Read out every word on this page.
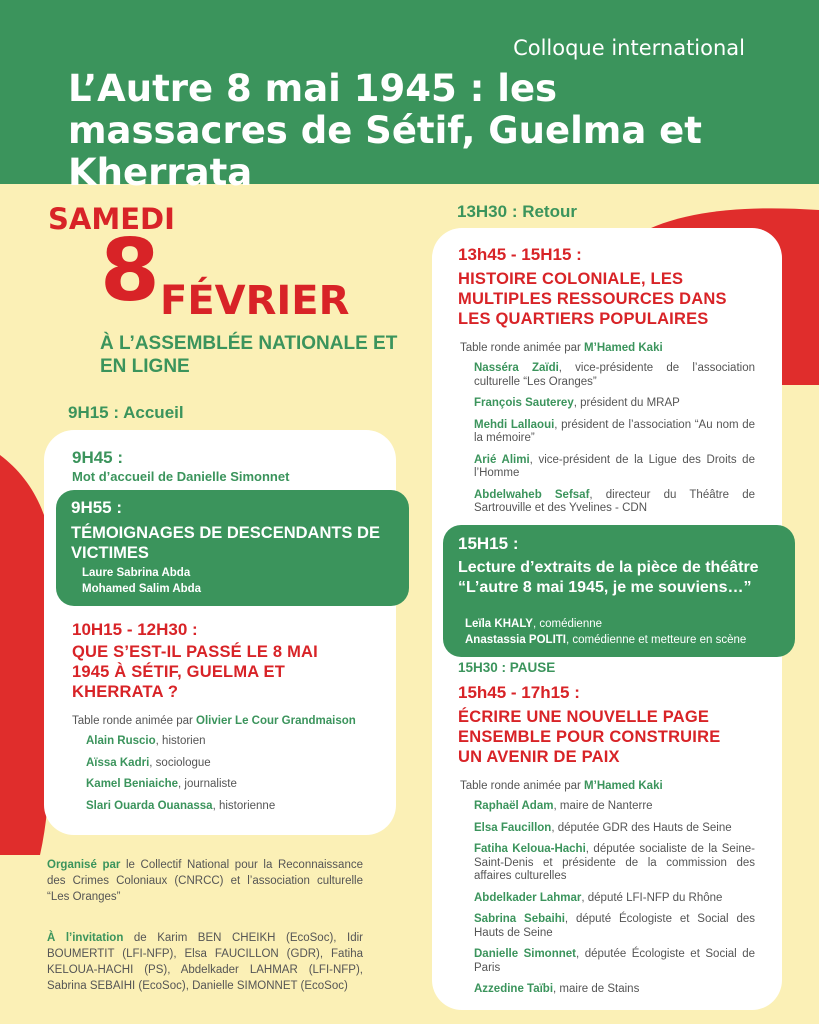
Colloque international
L’Autre 8 mai 1945 : les massacres de Sétif, Guelma et Kherrata
SAMEDI
8 FÉVRIER
À L’ASSEMBLÉE NATIONALE ET EN LIGNE
9H15 : Accueil
13H30 : Retour
9H45 :
Mot d’accueil de Danielle Simonnet
9H55 :
TÉMOIGNAGES DE DESCENDANTS DE VICTIMES
Laure Sabrina Abda
Mohamed Salim Abda
10H15 - 12H30 :
QUE S’EST-IL PASSÉ LE 8 MAI 1945 À SÉTIF, GUELMA ET KHERRATA ?
Table ronde animée par Olivier Le Cour Grandmaison
Alain Ruscio, historien
Aïssa Kadri, sociologue
Kamel Beniaiche, journaliste
Slari Ouarda Ouanassa, historienne
13h45 - 15H15 :
HISTOIRE COLONIALE, LES MULTIPLES RESSOURCES DANS LES QUARTIERS POPULAIRES
Table ronde animée par M’Hamed Kaki
Nasséra Zaïdi, vice-présidente de l’association culturelle “Les Oranges”
François Sauterey, président du MRAP
Mehdi Lallaoui, président de l’association “Au nom de la mémoire”
Arié Alimi, vice-président de la Ligue des Droits de l’Homme
Abdelwaheb Sefsaf, directeur du Théâtre de Sartrouville et des Yvelines - CDN
15H15 :
Lecture d’extraits de la pièce de théâtre “L’autre 8 mai 1945, je me souviens…”
Leïla KHALY, comédienne
Anastassia POLITI, comédienne et metteure en scène
15H30 : PAUSE
15h45 - 17h15 :
ÉCRIRE UNE NOUVELLE PAGE ENSEMBLE POUR CONSTRUIRE UN AVENIR DE PAIX
Table ronde animée par M’Hamed Kaki
Raphaël Adam, maire de Nanterre
Elsa Faucillon, députée GDR des Hauts de Seine
Fatiha Keloua-Hachi, députée socialiste de la Seine-Saint-Denis et présidente de la commission des affaires culturelles
Abdelkader Lahmar, député LFI-NFP du Rhône
Sabrina Sebaihi, député Écologiste et Social des Hauts de Seine
Danielle Simonnet, députée Écologiste et Social de Paris
Azzedine Taïbi, maire de Stains
Organisé par le Collectif National pour la Reconnaissance des Crimes Coloniaux (CNRCC) et l’association culturelle “Les Oranges”
À l’invitation de Karim BEN CHEIKH (EcoSoc), Idir BOUMERTIT (LFI-NFP), Elsa FAUCILLON (GDR), Fatiha KELOUA-HACHI (PS), Abdelkader LAHMAR (LFI-NFP), Sabrina SEBAIHI (EcoSoc), Danielle SIMONNET (EcoSoc)
